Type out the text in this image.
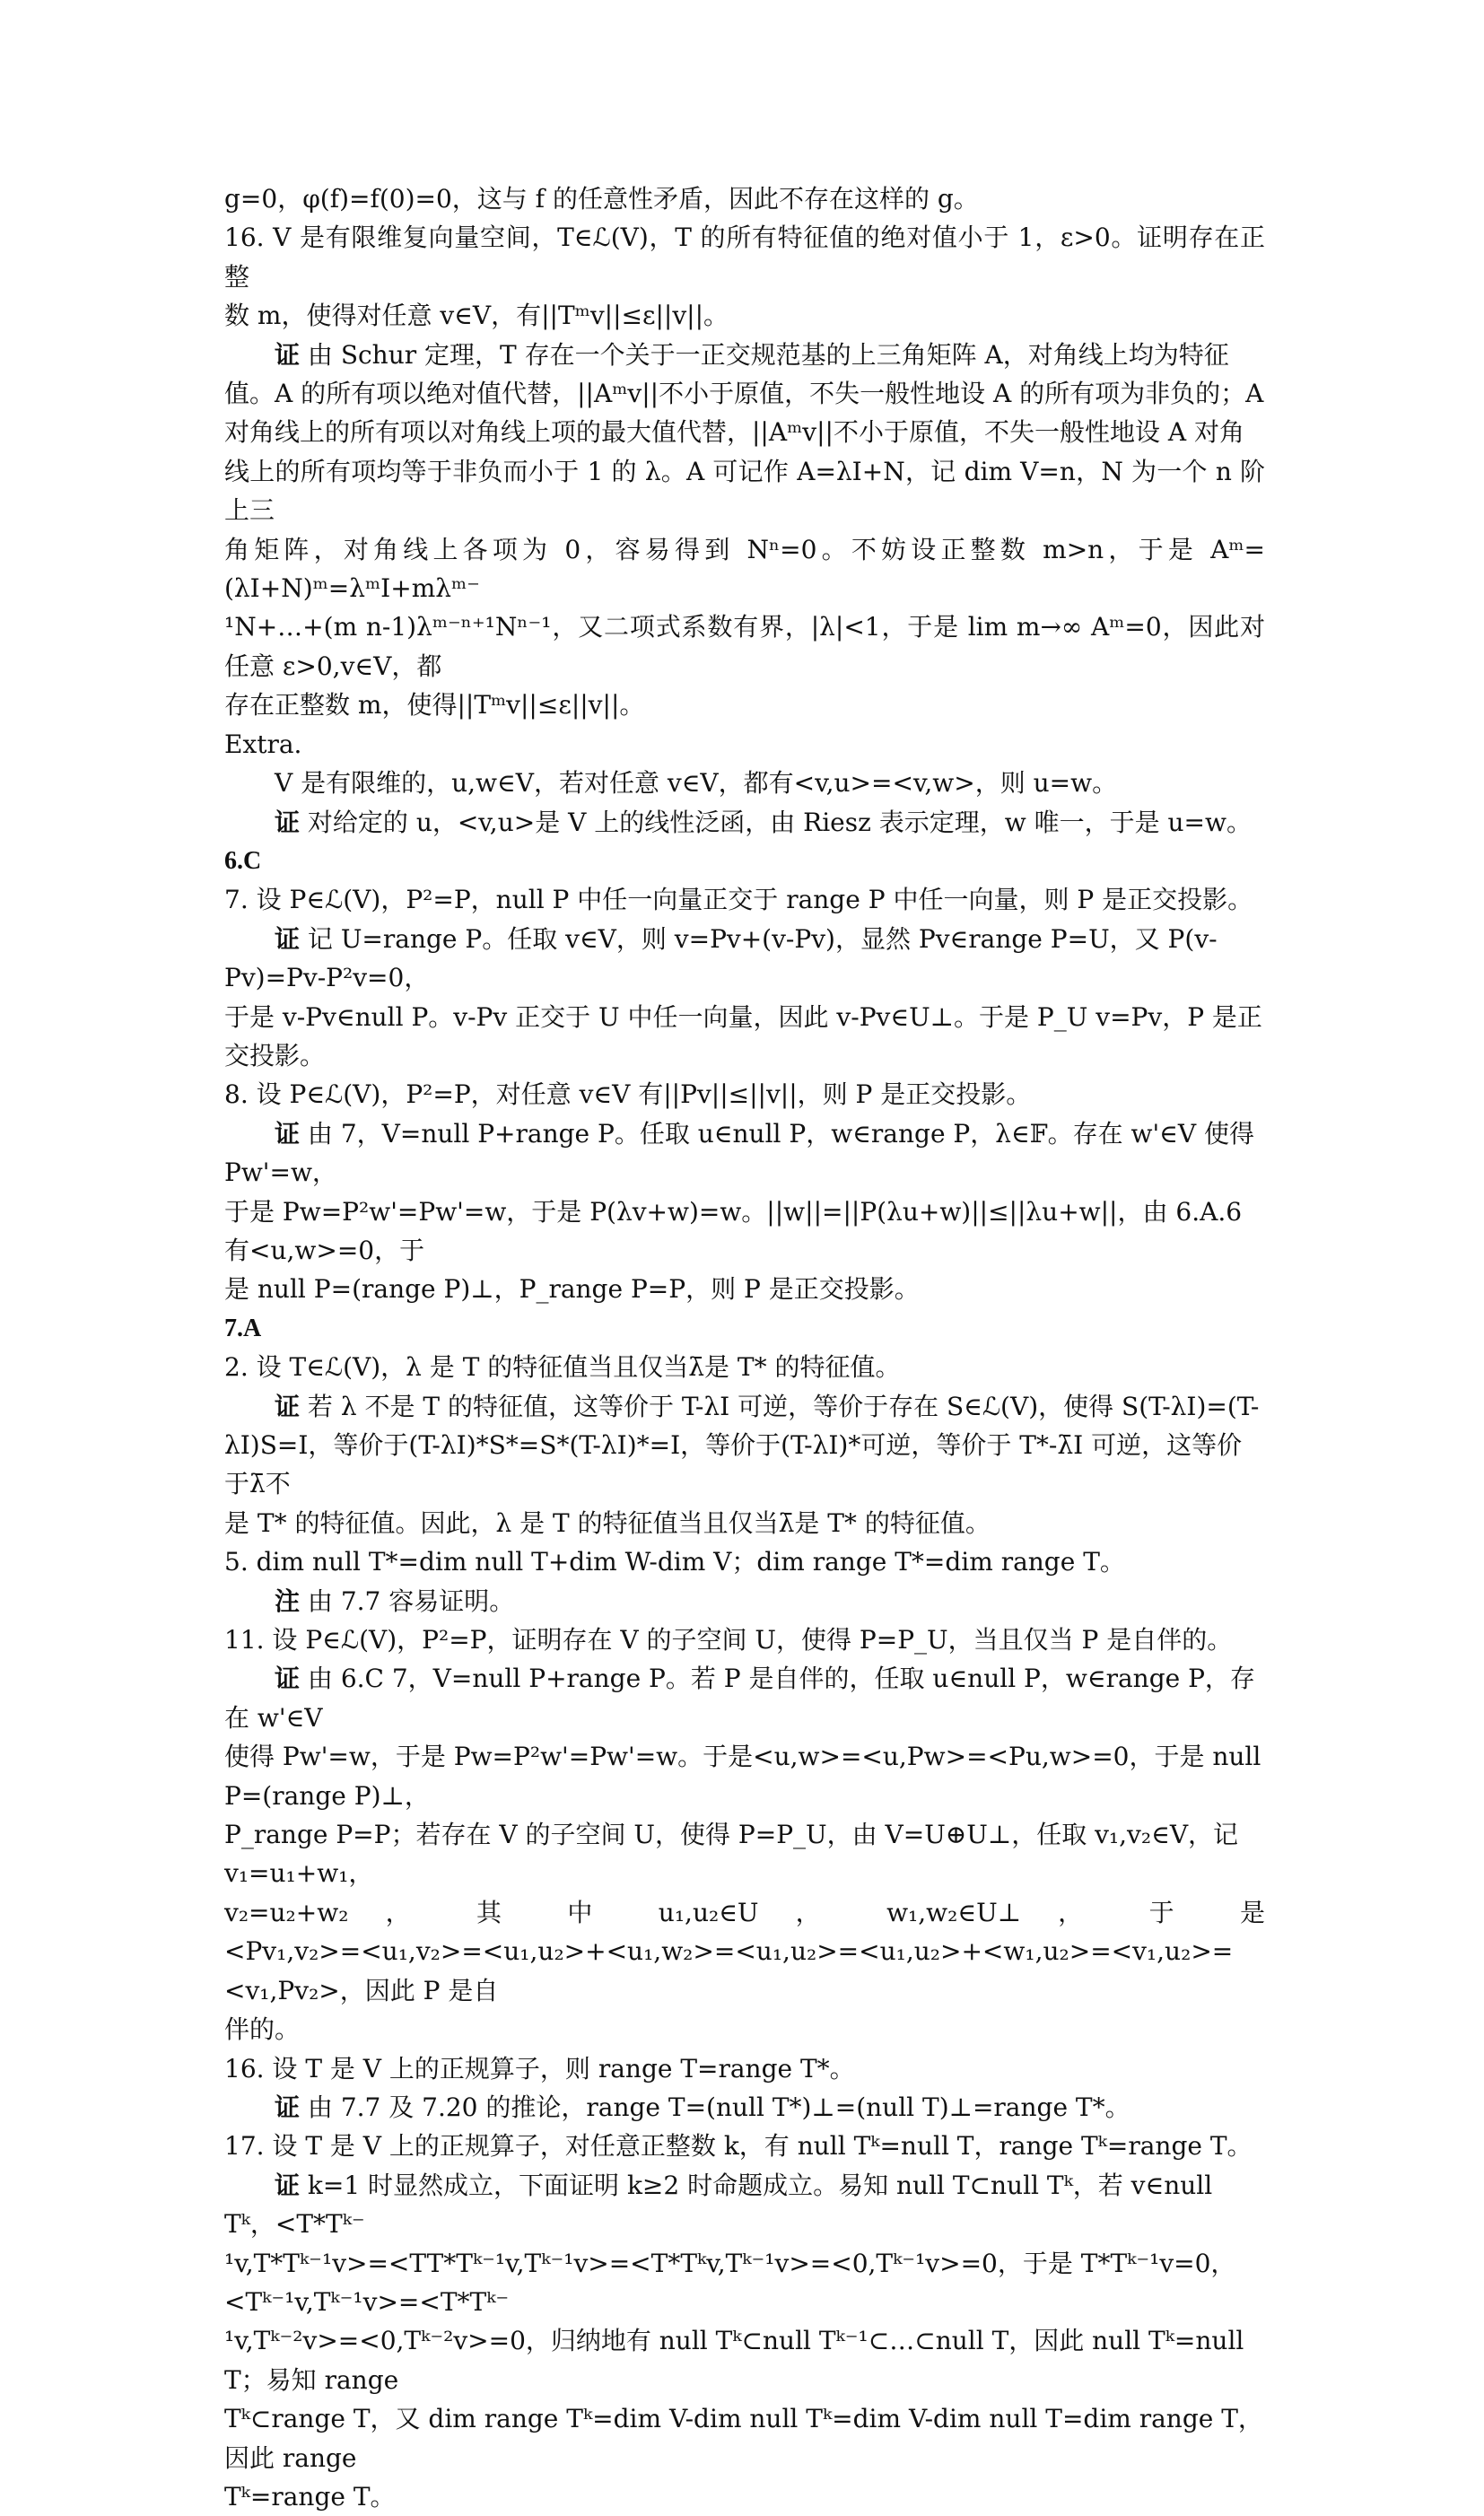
g=0，φ(f)=f(0)=0，这与 f 的任意性矛盾，因此不存在这样的 g。
16. V 是有限维复向量空间，T∈ℒ(V)，T 的所有特征值的绝对值小于 1，ε>0。证明存在正整
数 m，使得对任意 v∈V，有||Tᵐv||≤ε||v||。
证 由 Schur 定理，T 存在一个关于一正交规范基的上三角矩阵 A，对角线上均为特征
值。A 的所有项以绝对值代替，||Aᵐv||不小于原值，不失一般性地设 A 的所有项为非负的；A
对角线上的所有项以对角线上项的最大值代替，||Aᵐv||不小于原值，不失一般性地设 A 对角
线上的所有项均等于非负而小于 1 的 λ。A 可记作 A=λI+N，记 dim V=n，N 为一个 n 阶上三
角矩阵，对角线上各项为 0，容易得到 Nⁿ=0。不妨设正整数 m>n，于是 Aᵐ=(λI+N)ᵐ=λᵐI+mλᵐ⁻
¹N+…+(m n-1)λᵐ⁻ⁿ⁺¹Nⁿ⁻¹，又二项式系数有界，|λ|<1，于是 lim m→∞ Aᵐ=0，因此对任意 ε>0,v∈V，都
存在正整数 m，使得||Tᵐv||≤ε||v||。
Extra.
V 是有限维的，u,w∈V，若对任意 v∈V，都有<v,u>=<v,w>，则 u=w。
证 对给定的 u，<v,u>是 V 上的线性泛函，由 Riesz 表示定理，w 唯一，于是 u=w。
6.C
7. 设 P∈ℒ(V)，P²=P，null P 中任一向量正交于 range P 中任一向量，则 P 是正交投影。
证 记 U=range P。任取 v∈V，则 v=Pv+(v-Pv)，显然 Pv∈range P=U，又 P(v-Pv)=Pv-P²v=0，
于是 v-Pv∈null P。v-Pv 正交于 U 中任一向量，因此 v-Pv∈U⊥。于是 P_U v=Pv，P 是正交投影。
8. 设 P∈ℒ(V)，P²=P，对任意 v∈V 有||Pv||≤||v||，则 P 是正交投影。
证 由 7，V=null P+range P。任取 u∈null P，w∈range P，λ∈𝔽。存在 w'∈V 使得 Pw'=w，
于是 Pw=P²w'=Pw'=w，于是 P(λv+w)=w。||w||=||P(λu+w)||≤||λu+w||，由 6.A.6 有<u,w>=0，于
是 null P=(range P)⊥，P_range P=P，则 P 是正交投影。
7.A
2. 设 T∈ℒ(V)，λ 是 T 的特征值当且仅当λ̄是 T* 的特征值。
证 若 λ 不是 T 的特征值，这等价于 T-λI 可逆，等价于存在 S∈ℒ(V)，使得 S(T-λI)=(T-
λI)S=I，等价于(T-λI)*S*=S*(T-λI)*=I，等价于(T-λI)*可逆，等价于 T*-λ̄I 可逆，这等价于λ̄不
是 T* 的特征值。因此，λ 是 T 的特征值当且仅当λ̄是 T* 的特征值。
5. dim null T*=dim null T+dim W-dim V；dim range T*=dim range T。
注 由 7.7 容易证明。
11. 设 P∈ℒ(V)，P²=P，证明存在 V 的子空间 U，使得 P=P_U，当且仅当 P 是自伴的。
证 由 6.C 7，V=null P+range P。若 P 是自伴的，任取 u∈null P，w∈range P，存在 w'∈V
使得 Pw'=w，于是 Pw=P²w'=Pw'=w。于是<u,w>=<u,Pw>=<Pu,w>=0，于是 null P=(range P)⊥，
P_range P=P；若存在 V 的子空间 U，使得 P=P_U，由 V=U⊕U⊥，任取 v₁,v₂∈V，记 v₁=u₁+w₁，
v₂=u₂+w₂ ， 其 中 u₁,u₂∈U ， w₁,w₂∈U⊥ ， 于 是
<Pv₁,v₂>=<u₁,v₂>=<u₁,u₂>+<u₁,w₂>=<u₁,u₂>=<u₁,u₂>+<w₁,u₂>=<v₁,u₂>=<v₁,Pv₂>，因此 P 是自
伴的。
16. 设 T 是 V 上的正规算子，则 range T=range T*。
证 由 7.7 及 7.20 的推论，range T=(null T*)⊥=(null T)⊥=range T*。
17. 设 T 是 V 上的正规算子，对任意正整数 k，有 null Tᵏ=null T，range Tᵏ=range T。
证 k=1 时显然成立，下面证明 k≥2 时命题成立。易知 null T⊂null Tᵏ，若 v∈null Tᵏ，<T*Tᵏ⁻
¹v,T*Tᵏ⁻¹v>=<TT*Tᵏ⁻¹v,Tᵏ⁻¹v>=<T*Tᵏv,Tᵏ⁻¹v>=<0,Tᵏ⁻¹v>=0，于是 T*Tᵏ⁻¹v=0，<Tᵏ⁻¹v,Tᵏ⁻¹v>=<T*Tᵏ⁻
¹v,Tᵏ⁻²v>=<0,Tᵏ⁻²v>=0，归纳地有 null Tᵏ⊂null Tᵏ⁻¹⊂…⊂null T，因此 null Tᵏ=null T；易知 range
Tᵏ⊂range T，又 dim range Tᵏ=dim V-dim null Tᵏ=dim V-dim null T=dim range T，因此 range
Tᵏ=range T。
